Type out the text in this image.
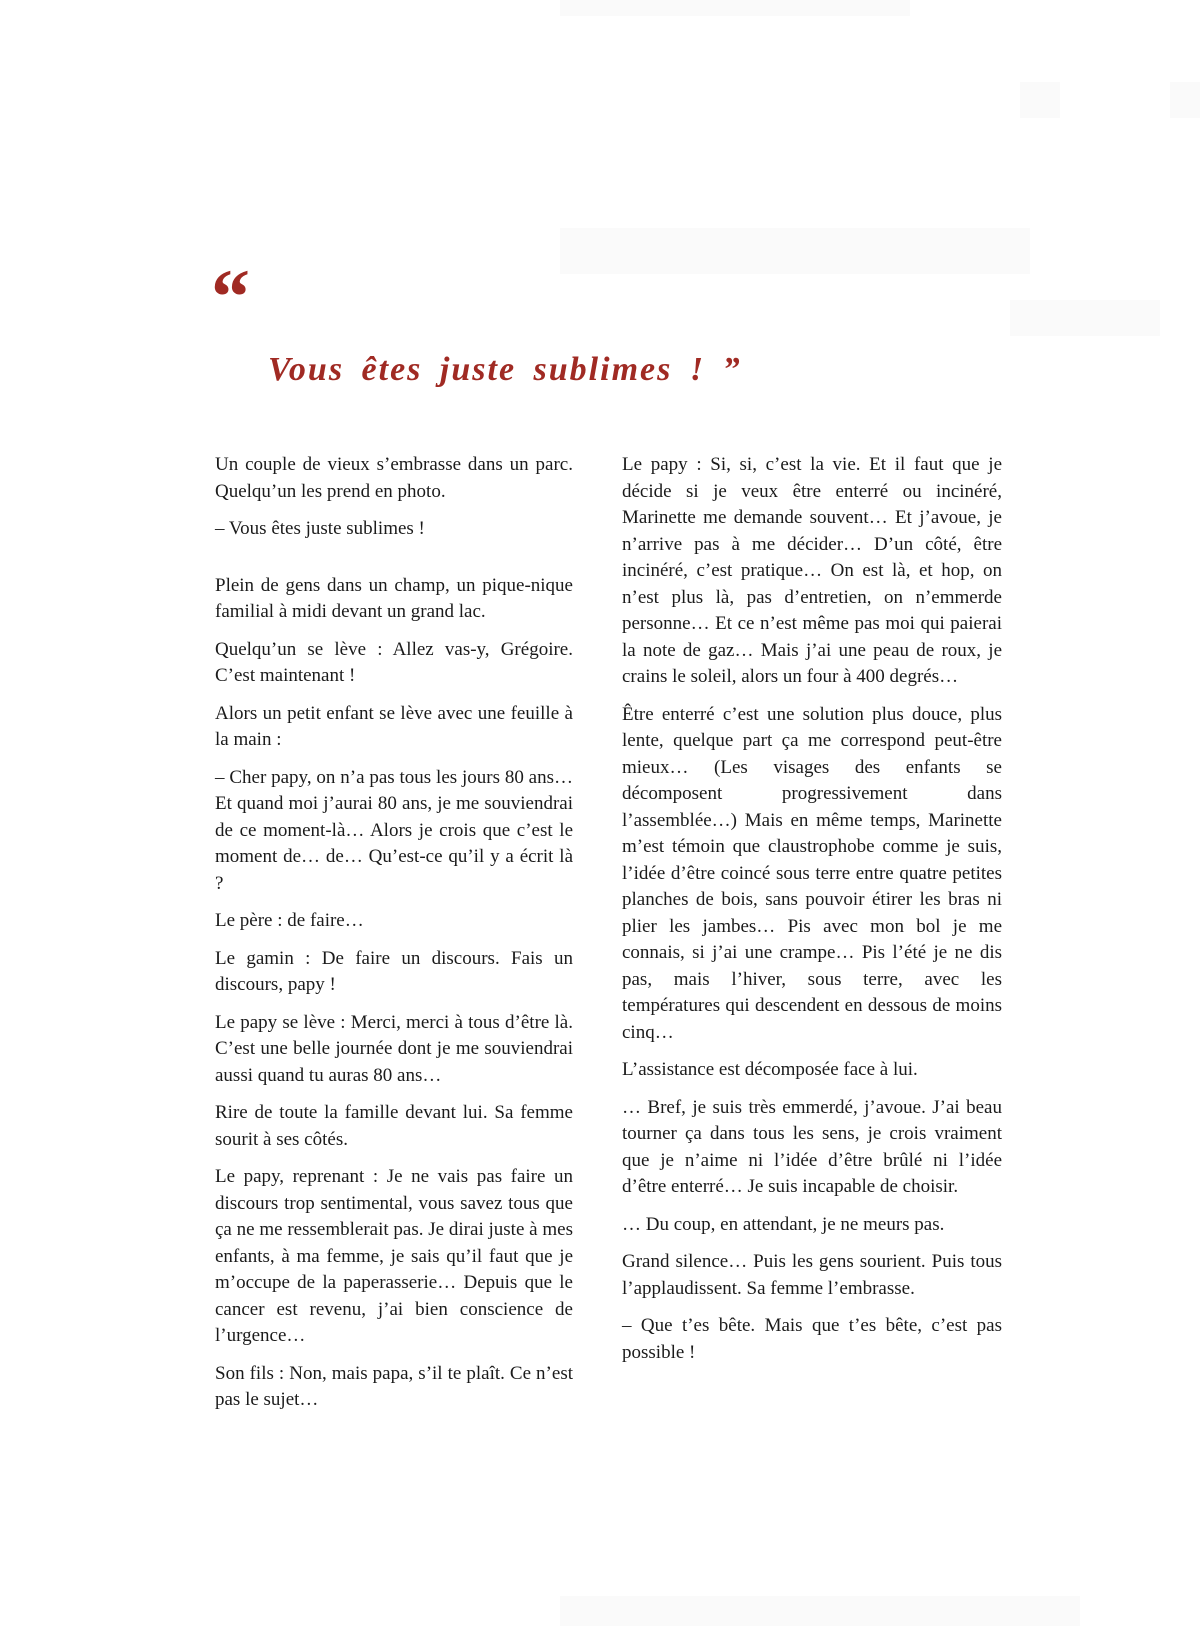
“
Vous êtes juste sublimes ! ”

Un couple de vieux s’embrasse dans un parc. Quelqu’un les prend en photo.

– Vous êtes juste sublimes !

Plein de gens dans un champ, un pique-nique familial à midi devant un grand lac.

Quelqu’un se lève : Allez vas-y, Grégoire. C’est maintenant !

Alors un petit enfant se lève avec une feuille à la main :

– Cher papy, on n’a pas tous les jours 80 ans… Et quand moi j’aurai 80 ans, je me souviendrai de ce moment-là… Alors je crois que c’est le moment de… de… Qu’est-ce qu’il y a écrit là ?

Le père : de faire…

Le gamin : De faire un discours. Fais un discours, papy !

Le papy se lève : Merci, merci à tous d’être là. C’est une belle journée dont je me souviendrai aussi quand tu auras 80 ans…

Rire de toute la famille devant lui. Sa femme sourit à ses côtés.

Le papy, reprenant : Je ne vais pas faire un discours trop sentimental, vous savez tous que ça ne me ressemblerait pas. Je dirai juste à mes enfants, à ma femme, je sais qu’il faut que je m’occupe de la paperasserie… Depuis que le cancer est revenu, j’ai bien conscience de l’urgence…

Son fils : Non, mais papa, s’il te plaît. Ce n’est pas le sujet…

Le papy : Si, si, c’est la vie. Et il faut que je décide si je veux être enterré ou incinéré, Marinette me demande souvent… Et j’avoue, je n’arrive pas à me décider… D’un côté, être incinéré, c’est pratique… On est là, et hop, on n’est plus là, pas d’entretien, on n’emmerde personne… Et ce n’est même pas moi qui paierai la note de gaz… Mais j’ai une peau de roux, je crains le soleil, alors un four à 400 degrés…

Être enterré c’est une solution plus douce, plus lente, quelque part ça me correspond peut-être mieux… (Les visages des enfants se décomposent progressivement dans l’assemblée…) Mais en même temps, Marinette m’est témoin que claustrophobe comme je suis, l’idée d’être coincé sous terre entre quatre petites planches de bois, sans pouvoir étirer les bras ni plier les jambes… Pis avec mon bol je me connais, si j’ai une crampe… Pis l’été je ne dis pas, mais l’hiver, sous terre, avec les températures qui descendent en dessous de moins cinq…

L’assistance est décomposée face à lui.

… Bref, je suis très emmerdé, j’avoue. J’ai beau tourner ça dans tous les sens, je crois vraiment que je n’aime ni l’idée d’être brûlé ni l’idée d’être enterré… Je suis incapable de choisir.

… Du coup, en attendant, je ne meurs pas.

Grand silence… Puis les gens sourient. Puis tous l’applaudissent. Sa femme l’embrasse.

– Que t’es bête. Mais que t’es bête, c’est pas possible !
